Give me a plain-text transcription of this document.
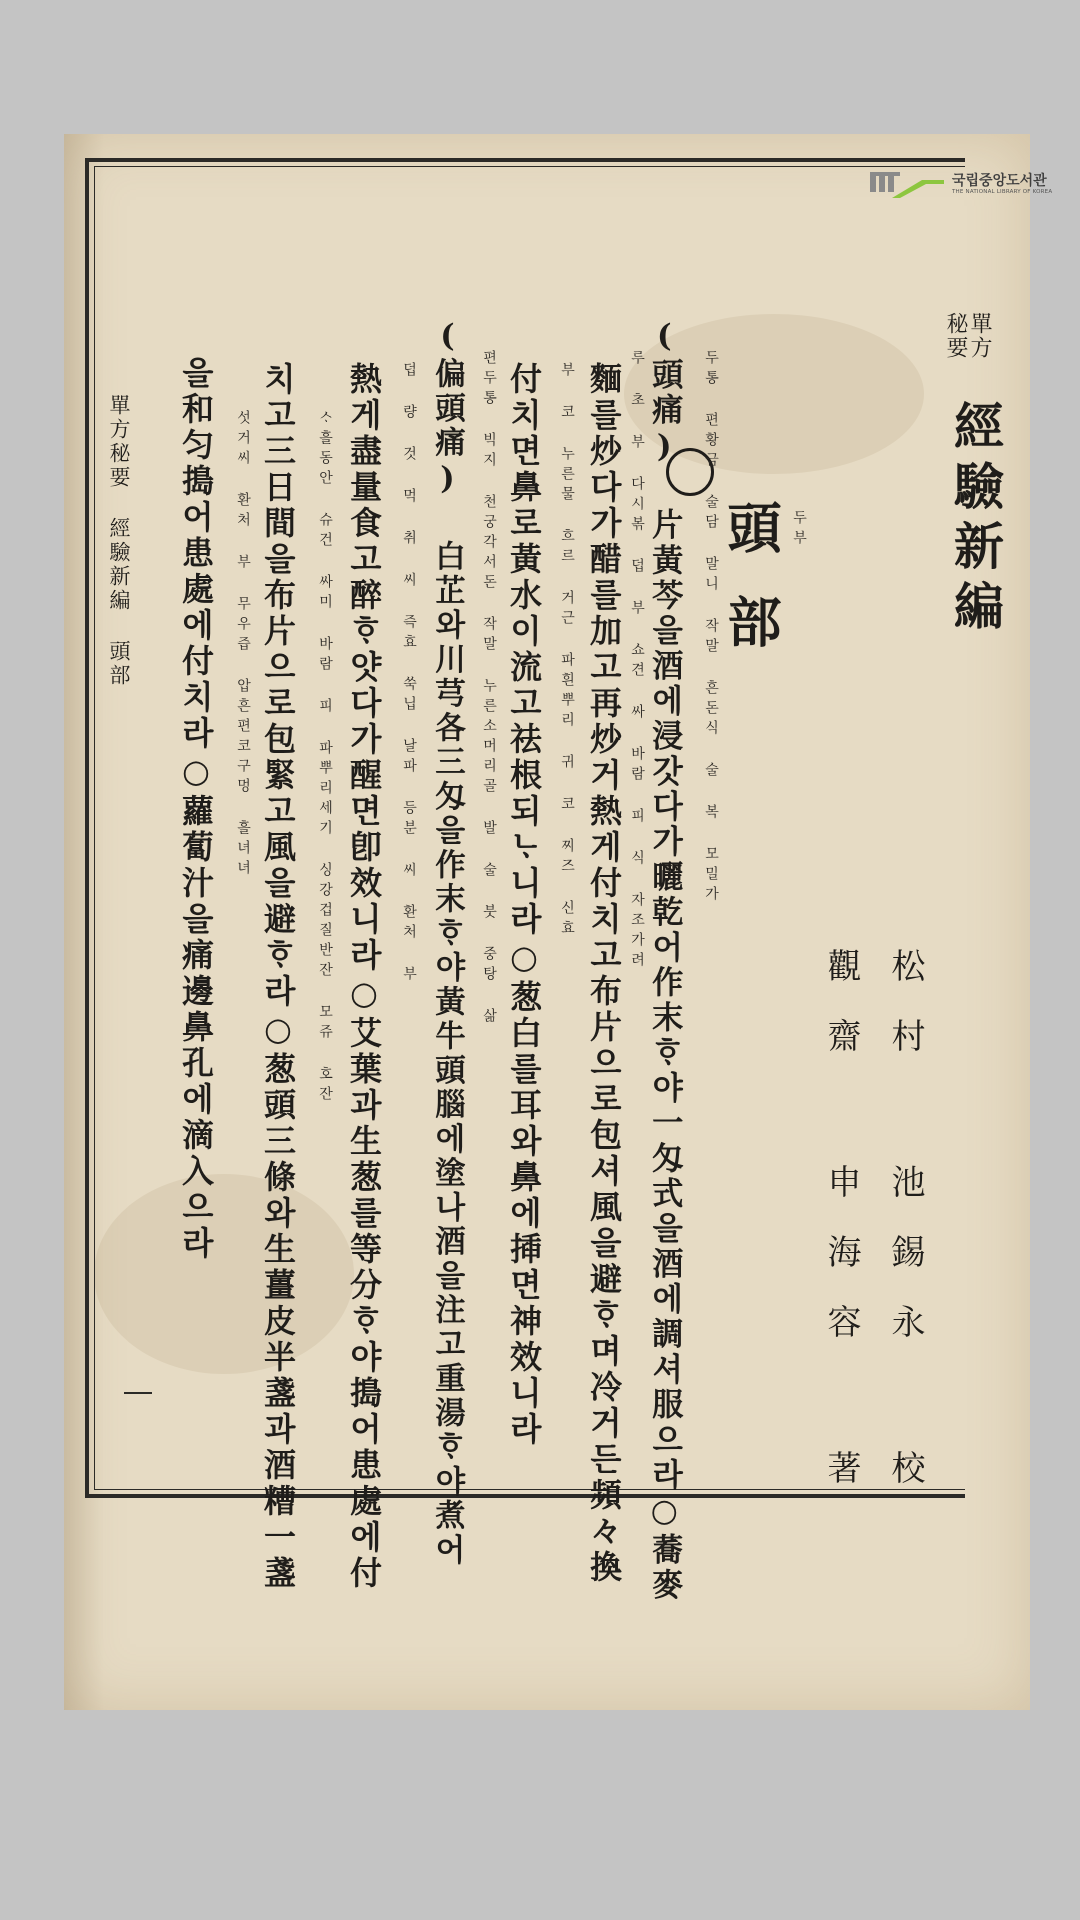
국립중앙도서관
THE NATIONAL LIBRARY OF KOREA
單方秘要 經驗新編 頭部
單方
秘要
經驗新編
松村 池錫永 校
觀齋 申海容 著
頭部 두부
두통 편황금 술담 말니 작말 흔돈식 술 복 모밀가
(頭痛) 片黃芩을酒에浸갓다가曬乾어作末ᄒᆞ야一匁式을酒에調셔服으라○蕎麥
루 초 부 다시볶 덥 부 쇼견 싸 바람 피 식 자조가려
麵를炒다가醋를加고再炒거熱게付치고布片으로包셔風을避ᄒᆞ며冷거든頻々換
부 코 누른물 흐르 거근 파흰뿌리 귀 코 찌즈 신효
付치면鼻로黃水이流고祛根되ᄂᆞ니라○葱白를耳와鼻에揷면神效니라
편두통 빅지 천궁각서돈 작말 누른소머리골 발 술 붓 중탕 삶
(偏頭痛) 白芷와川芎各三匁을作末ᄒᆞ야黃牛頭腦에塗나酒을注고重湯ᄒᆞ야煮어
덥 량 것 먹 취 씨 즉효 쑥닙 날파 등분 씨 환처 부
熱게盡量食고醉ᄒᆞ얏다가醒면卽效니라○艾葉과生葱를等分ᄒᆞ야搗어患處에付
ᄉᆞ흘동안 슈건 싸미 바람 피 파뿌리세기 싱강겁질반잔 모쥬 호잔
치고三日間을布片으로包緊고風을避ᄒᆞ라○葱頭三條와生薑皮半盞과酒糟一盞
섯거씨 환처 부 무우즙 압흔편코구멍 흘녀녀
을和匀搗어患處에付치라○蘿蔔汁을痛邊鼻孔에滴入으라
